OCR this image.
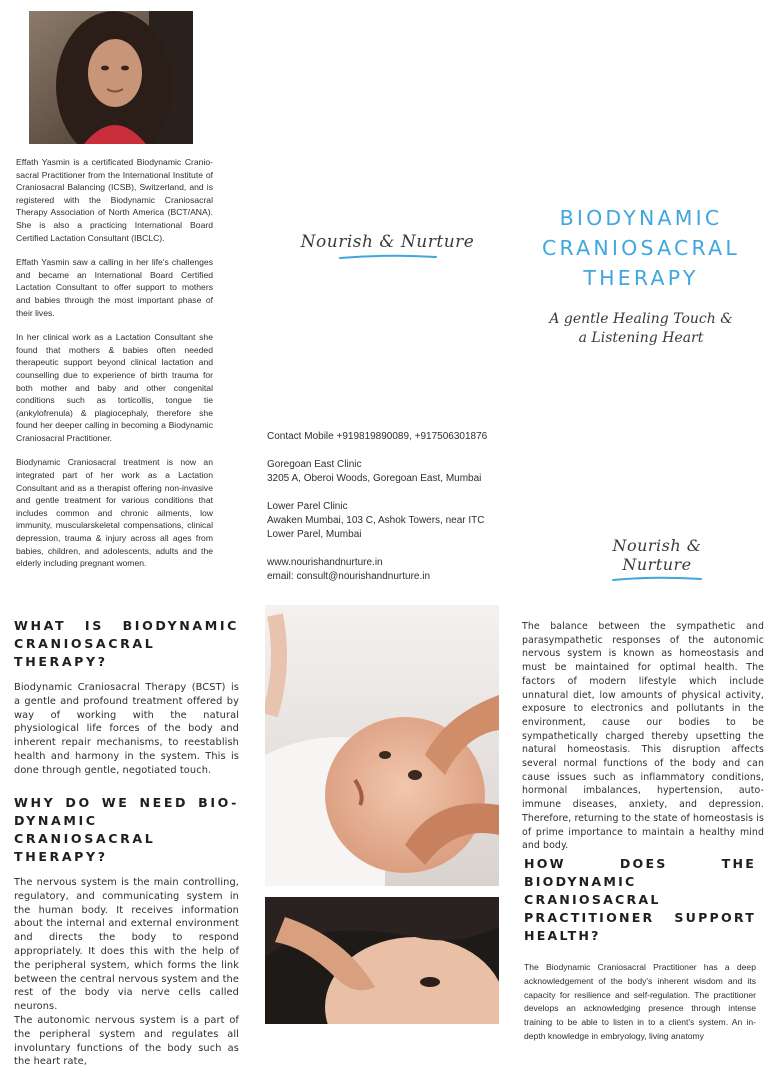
Effath Yasmin is a certificated Biodynamic Cranio-sacral Practitioner from the International Institute of Craniosacral Balancing (ICSB), Switzerland, and is registered with the Biodynamic Craniosacral Therapy Association of North America (BCT/ANA). She is also a practicing International Board Certified Lactation Consultant (IBCLC).

Effath Yasmin saw a calling in her life's challenges and became an International Board Certified Lactation Consultant to offer support to mothers and babies through the most important phase of their lives.

In her clinical work as a Lactation Consultant she found that mothers & babies often needed therapeutic support beyond clinical lactation and counselling due to experience of birth trauma for both mother and baby and other congenital conditions such as torticollis, tongue tie (ankylofrenula) & plagiocephaly, therefore she found her deeper calling in becoming a Biodynamic Craniosacral Practitioner.

Biodynamic Craniosacral treatment is now an integrated part of her work as a Lactation Consultant and as a therapist offering non-invasive and gentle treatment for various conditions that includes common and chronic ailments, low immunity, muscularskeletal compensations, clinical depression, trauma & injury across all ages from babies, children, and adolescents, adults and the elderly including pregnant women.

Nourish & Nurture

Contact Mobile +919819890089, +917506301876

Goregoan East Clinic

3205 A, Oberoi Woods, Goregoan East, Mumbai

Lower Parel Clinic

Awaken Mumbai, 103 C, Ashok Towers, near ITC

Lower Parel, Mumbai

www.nourishandnurture.in

email: consult@nourishandnurture.in

BIODYNAMIC
CRANIOSACRAL
THERAPY
A gentle Healing Touch &
a Listening Heart
Nourish & Nurture
WHAT IS BIODYNAMIC CRANIOSACRAL THERAPY?

Biodynamic Craniosacral Therapy (BCST) is a gentle and profound treatment offered by way of working with the natural physiological life forces of the body and inherent repair mechanisms, to reestablish health and harmony in the system. This is done through gentle, negotiated touch.

WHY DO WE NEED BIO-DYNAMIC CRANIOSACRAL THERAPY?

The nervous system is the main controlling, regulatory, and communicating system in the human body. It receives information about the internal and external environment and directs the body to respond appropriately. It does this with the help of the peripheral system, which forms the link between the central nervous system and the rest of the body via nerve cells called neurons.

The autonomic nervous system is a part of the peripheral system and regulates all involuntary functions of the body such as the heart rate,

The balance between the sympathetic and parasympathetic responses of the autonomic nervous system is known as homeostasis and must be maintained for optimal health. The factors of modern lifestyle which include unnatural diet, low amounts of physical activity, exposure to electronics and pollutants in the environment, cause our bodies to be sympathetically charged thereby upsetting the natural homeostasis. This disruption affects several normal functions of the body and can cause issues such as inflammatory conditions, hormonal imbalances, hypertension, auto-immune diseases, anxiety, and depression. Therefore, returning to the state of homeostasis is of prime importance to maintain a healthy mind and body.

HOW DOES THE BIODYNAMIC CRANIOSACRAL PRACTITIONER SUPPORT HEALTH?

The Biodynamic Craniosacral Practitioner has a deep acknowledgement of the body's inherent wisdom and its capacity for resilience and self-regulation. The practitioner develops an acknowledging presence through intense training to be able to listen in to a client's system. An in-depth knowledge in embryology, living anatomy
